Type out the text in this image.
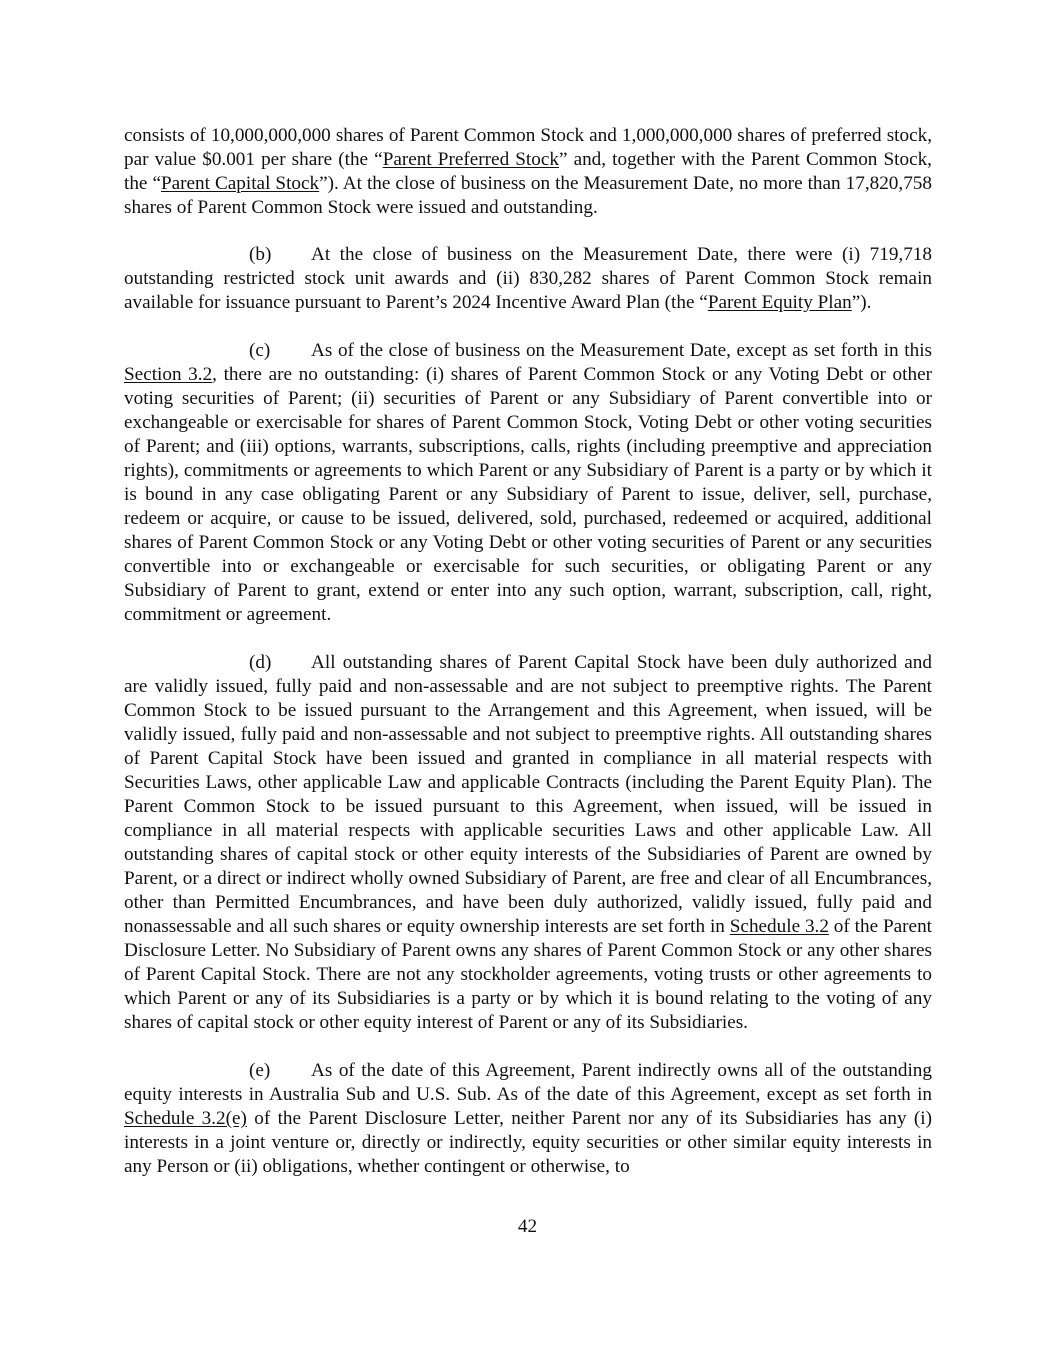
consists of 10,000,000,000 shares of Parent Common Stock and 1,000,000,000 shares of preferred stock, par value $0.001 per share (the “Parent Preferred Stock” and, together with the Parent Common Stock, the “Parent Capital Stock”). At the close of business on the Measurement Date, no more than 17,820,758 shares of Parent Common Stock were issued and outstanding.

(b) At the close of business on the Measurement Date, there were (i) 719,718 outstanding restricted stock unit awards and (ii) 830,282 shares of Parent Common Stock remain available for issuance pursuant to Parent’s 2024 Incentive Award Plan (the “Parent Equity Plan”).

(c) As of the close of business on the Measurement Date, except as set forth in this Section 3.2, there are no outstanding: (i) shares of Parent Common Stock or any Voting Debt or other voting securities of Parent; (ii) securities of Parent or any Subsidiary of Parent convertible into or exchangeable or exercisable for shares of Parent Common Stock, Voting Debt or other voting securities of Parent; and (iii) options, warrants, subscriptions, calls, rights (including preemptive and appreciation rights), commitments or agreements to which Parent or any Subsidiary of Parent is a party or by which it is bound in any case obligating Parent or any Subsidiary of Parent to issue, deliver, sell, purchase, redeem or acquire, or cause to be issued, delivered, sold, purchased, redeemed or acquired, additional shares of Parent Common Stock or any Voting Debt or other voting securities of Parent or any securities convertible into or exchangeable or exercisable for such securities, or obligating Parent or any Subsidiary of Parent to grant, extend or enter into any such option, warrant, subscription, call, right, commitment or agreement.

(d) All outstanding shares of Parent Capital Stock have been duly authorized and are validly issued, fully paid and non-assessable and are not subject to preemptive rights. The Parent Common Stock to be issued pursuant to the Arrangement and this Agreement, when issued, will be validly issued, fully paid and non-assessable and not subject to preemptive rights. All outstanding shares of Parent Capital Stock have been issued and granted in compliance in all material respects with Securities Laws, other applicable Law and applicable Contracts (including the Parent Equity Plan). The Parent Common Stock to be issued pursuant to this Agreement, when issued, will be issued in compliance in all material respects with applicable securities Laws and other applicable Law. All outstanding shares of capital stock or other equity interests of the Subsidiaries of Parent are owned by Parent, or a direct or indirect wholly owned Subsidiary of Parent, are free and clear of all Encumbrances, other than Permitted Encumbrances, and have been duly authorized, validly issued, fully paid and nonassessable and all such shares or equity ownership interests are set forth in Schedule 3.2 of the Parent Disclosure Letter. No Subsidiary of Parent owns any shares of Parent Common Stock or any other shares of Parent Capital Stock. There are not any stockholder agreements, voting trusts or other agreements to which Parent or any of its Subsidiaries is a party or by which it is bound relating to the voting of any shares of capital stock or other equity interest of Parent or any of its Subsidiaries.

(e) As of the date of this Agreement, Parent indirectly owns all of the outstanding equity interests in Australia Sub and U.S. Sub. As of the date of this Agreement, except as set forth in Schedule 3.2(e) of the Parent Disclosure Letter, neither Parent nor any of its Subsidiaries has any (i) interests in a joint venture or, directly or indirectly, equity securities or other similar equity interests in any Person or (ii) obligations, whether contingent or otherwise, to

42
